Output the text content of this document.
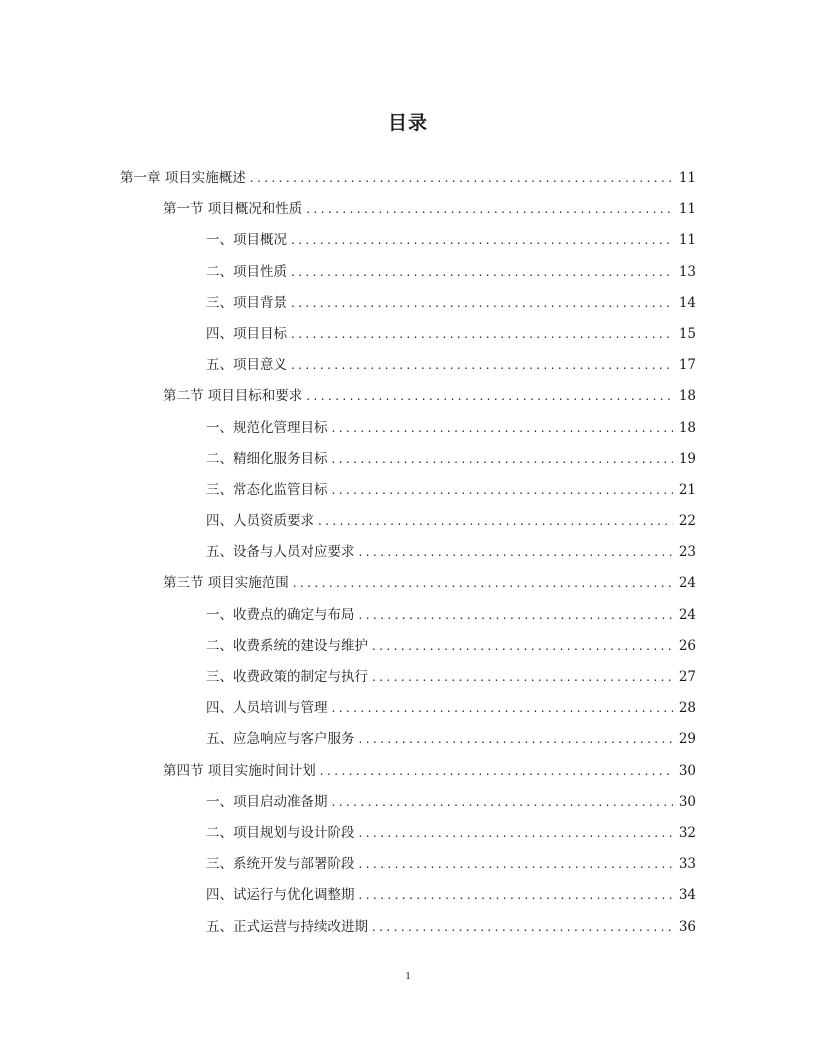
目录
第一章 项目实施概述 .....	11
第一节 项目概况和性质 .....	11
一、项目概况 .....	11
二、项目性质 .....	13
三、项目背景 .....	14
四、项目目标 .....	15
五、项目意义 .....	17
第二节 项目目标和要求 .....	18
一、规范化管理目标 .....	18
二、精细化服务目标 .....	19
三、常态化监管目标 .....	21
四、人员资质要求 .....	22
五、设备与人员对应要求 .....	23
第三节 项目实施范围 .....	24
一、收费点的确定与布局 .....	24
二、收费系统的建设与维护 .....	26
三、收费政策的制定与执行 .....	27
四、人员培训与管理 .....	28
五、应急响应与客户服务 .....	29
第四节 项目实施时间计划 .....	30
一、项目启动准备期 .....	30
二、项目规划与设计阶段 .....	32
三、系统开发与部署阶段 .....	33
四、试运行与优化调整期 .....	34
五、正式运营与持续改进期 .....	36
1
